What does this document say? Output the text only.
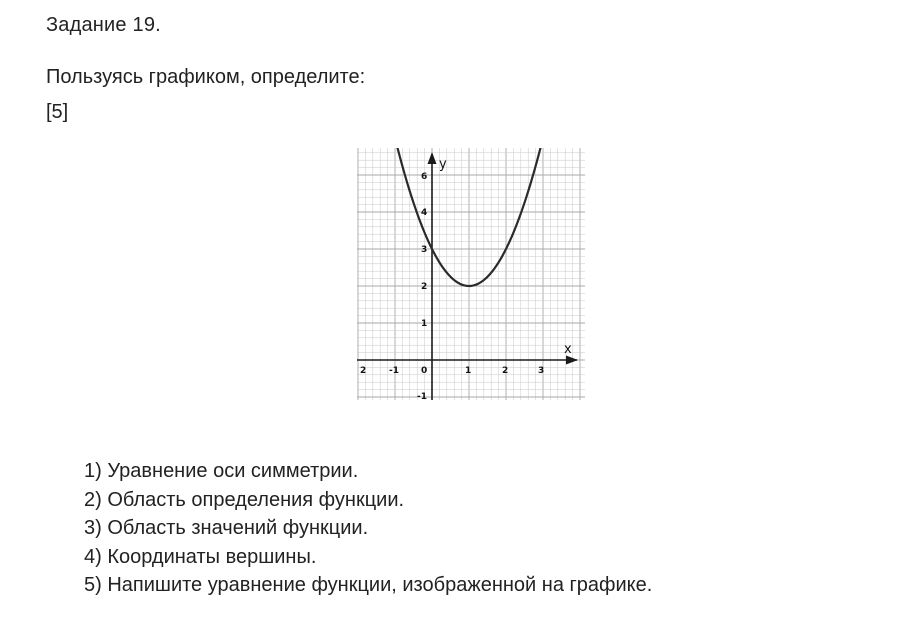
Задание 19.
Пользуясь графиком, определите:
[5]
x
y
2	-1 0	1	2	3
-1
1
2
3
4
6
1) Уравнение оси симметрии.
2) Область определения функции.
3) Область значений функции.
4) Координаты вершины.
5) Напишите уравнение функции, изображенной на графике.
